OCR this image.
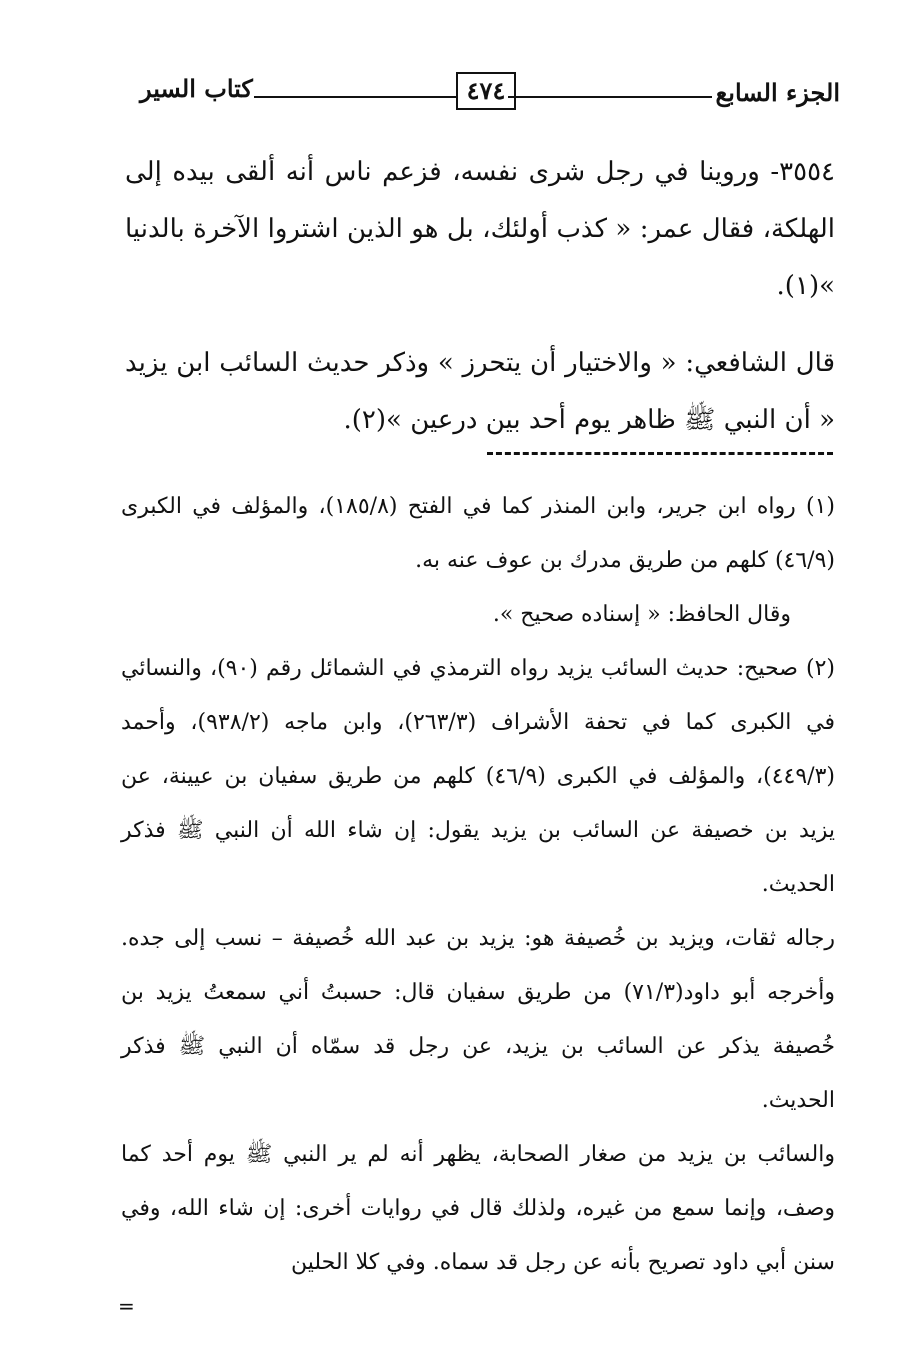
الجزء السابع
٤٧٤
كتاب السير

٣٥٥٤- وروينا في رجل شرى نفسه، فزعم ناس أنه ألقى بيده إلى الهلكة، فقال عمر: « كذب أولئك، بل هو الذين اشتروا الآخرة بالدنيا »(١).

قال الشافعي: « والاختيار أن يتحرز » وذكر حديث السائب ابن يزيد « أن النبي ﷺ ظاهر يوم أحد بين درعين »(٢).

(١) رواه ابن جرير، وابن المنذر كما في الفتح (١٨٥/٨)، والمؤلف في الكبرى (٤٦/٩) كلهم من طريق مدرك بن عوف عنه به.

وقال الحافظ: « إسناده صحيح ».

(٢) صحيح: حديث السائب يزيد رواه الترمذي في الشمائل رقم (٩٠)، والنسائي في الكبرى كما في تحفة الأشراف (٢٦٣/٣)، وابن ماجه (٩٣٨/٢)، وأحمد (٤٤٩/٣)، والمؤلف في الكبرى (٤٦/٩) كلهم من طريق سفيان بن عيينة، عن يزيد بن خصيفة عن السائب بن يزيد يقول: إن شاء الله أن النبي ﷺ فذكر الحديث.

رجاله ثقات، ويزيد بن خُصيفة هو: يزيد بن عبد الله خُصيفة – نسب إلى جده. وأخرجه أبو داود(٧١/٣) من طريق سفيان قال: حسبتُ أني سمعتُ يزيد بن خُصيفة يذكر عن السائب بن يزيد، عن رجل قد سمّاه أن النبي ﷺ فذكر الحديث.

والسائب بن يزيد من صغار الصحابة، يظهر أنه لم ير النبي ﷺ يوم أحد كما وصف، وإنما سمع من غيره، ولذلك قال في روايات أخرى: إن شاء الله، وفي سنن أبي داود تصريح بأنه عن رجل قد سماه. وفي كلا الحلين

=
